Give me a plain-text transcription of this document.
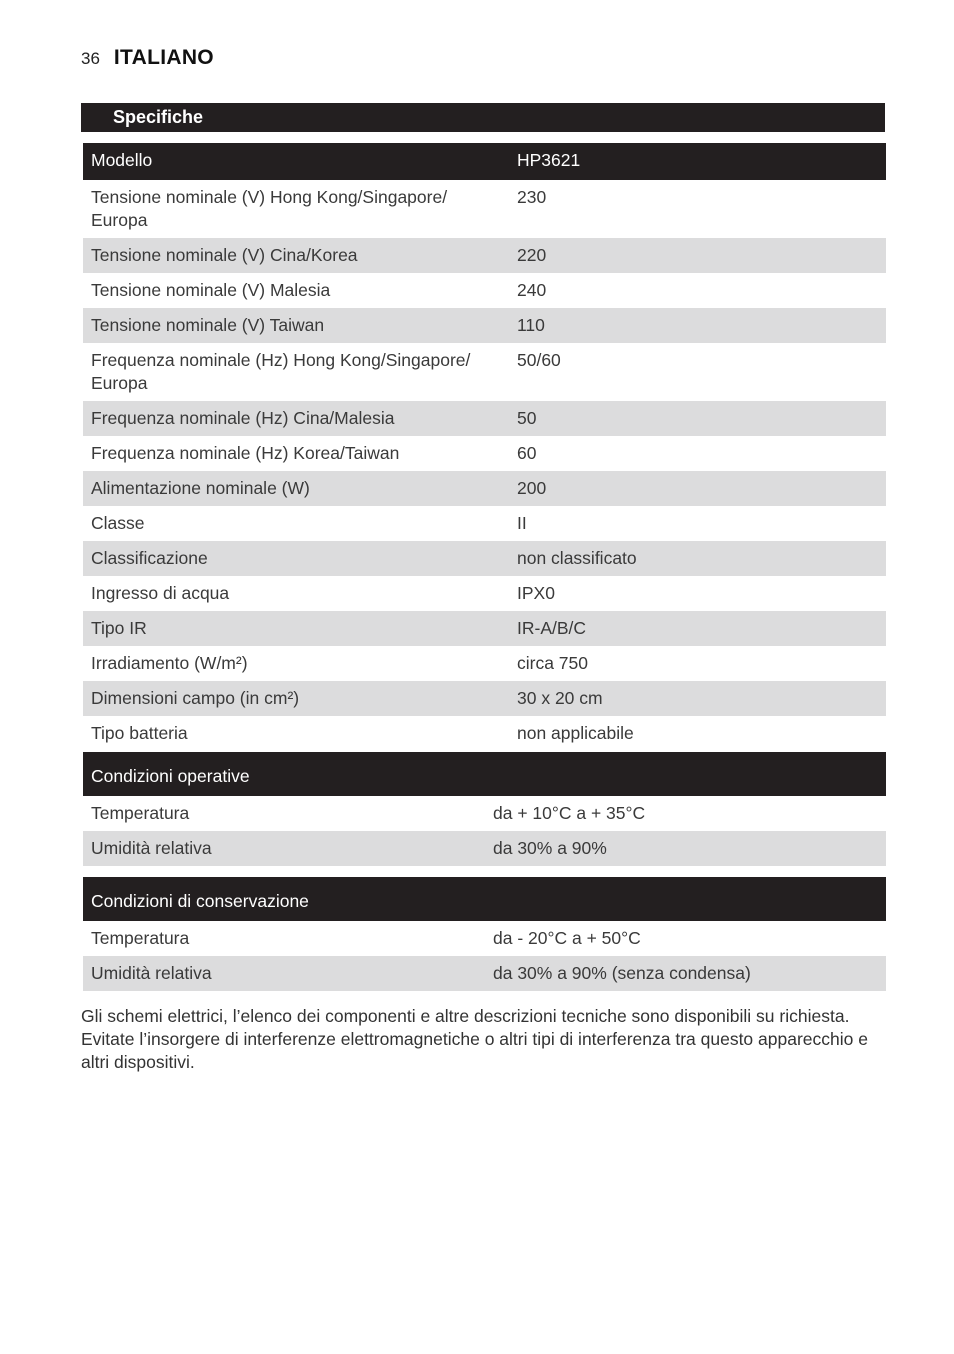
36 ITALIANO
Specifiche
Modello	HP3621
Tensione nominale (V) Hong Kong/Singapore/ Europa	230
Tensione nominale (V) Cina/Korea	220
Tensione nominale (V) Malesia	240
Tensione nominale (V) Taiwan	110
Frequenza nominale (Hz) Hong Kong/Singapore/ Europa	50/60
Frequenza nominale (Hz) Cina/Malesia	50
Frequenza nominale (Hz) Korea/Taiwan	60
Alimentazione nominale (W)	200
Classe	II
Classificazione	non classificato
Ingresso di acqua	IPX0
Tipo IR	IR-A/B/C
Irradiamento (W/m²)	circa 750
Dimensioni campo (in cm²)	30 x 20 cm
Tipo batteria	non applicabile
Condizioni operative	
Temperatura	da + 10°C a + 35°C
Umidità relativa	da 30% a 90%
Condizioni di conservazione	
Temperatura	da - 20°C a + 50°C
Umidità relativa	da 30% a 90% (senza condensa)

Gli schemi elettrici, l’elenco dei componenti e altre descrizioni tecniche sono disponibili su richiesta.

Evitate l’insorgere di interferenze elettromagnetiche o altri tipi di interferenza tra questo apparecchio e altri dispositivi.
